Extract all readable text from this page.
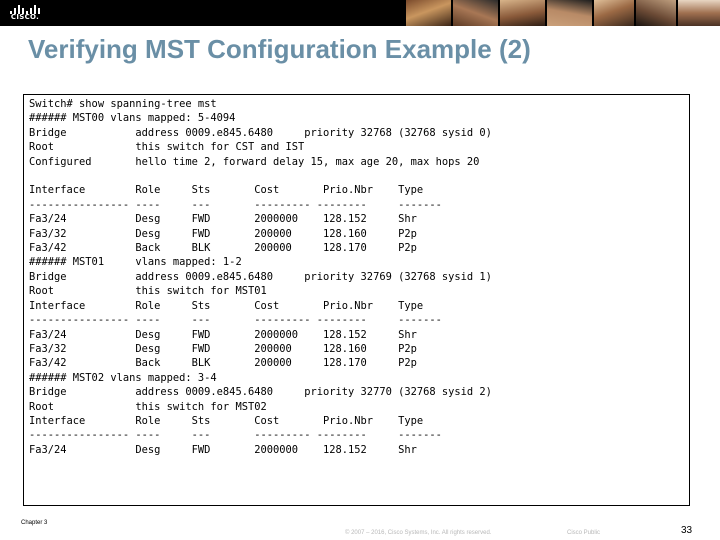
CISCO.
Verifying MST Configuration Example (2)
Switch# show spanning-tree mst
###### MST00 vlans mapped: 5-4094
Bridge           address 0009.e845.6480     priority 32768 (32768 sysid 0)
Root             this switch for CST and IST
Configured       hello time 2, forward delay 15, max age 20, max hops 20

Interface        Role     Sts       Cost       Prio.Nbr    Type
---------------- ----     ---       --------- --------     -------
Fa3/24           Desg     FWD       2000000    128.152     Shr
Fa3/32           Desg     FWD       200000     128.160     P2p
Fa3/42           Back     BLK       200000     128.170     P2p
###### MST01     vlans mapped: 1-2
Bridge           address 0009.e845.6480     priority 32769 (32768 sysid 1)
Root             this switch for MST01
Interface        Role     Sts       Cost       Prio.Nbr    Type
---------------- ----     ---       --------- --------     -------
Fa3/24           Desg     FWD       2000000    128.152     Shr
Fa3/32           Desg     FWD       200000     128.160     P2p
Fa3/42           Back     BLK       200000     128.170     P2p
###### MST02 vlans mapped: 3-4
Bridge           address 0009.e845.6480     priority 32770 (32768 sysid 2)
Root             this switch for MST02
Interface        Role     Sts       Cost       Prio.Nbr    Type
---------------- ----     ---       --------- --------     -------
Fa3/24           Desg     FWD       2000000    128.152     Shr

Chapter 3
© 2007 – 2016, Cisco Systems, Inc. All rights reserved.	Cisco Public	33
